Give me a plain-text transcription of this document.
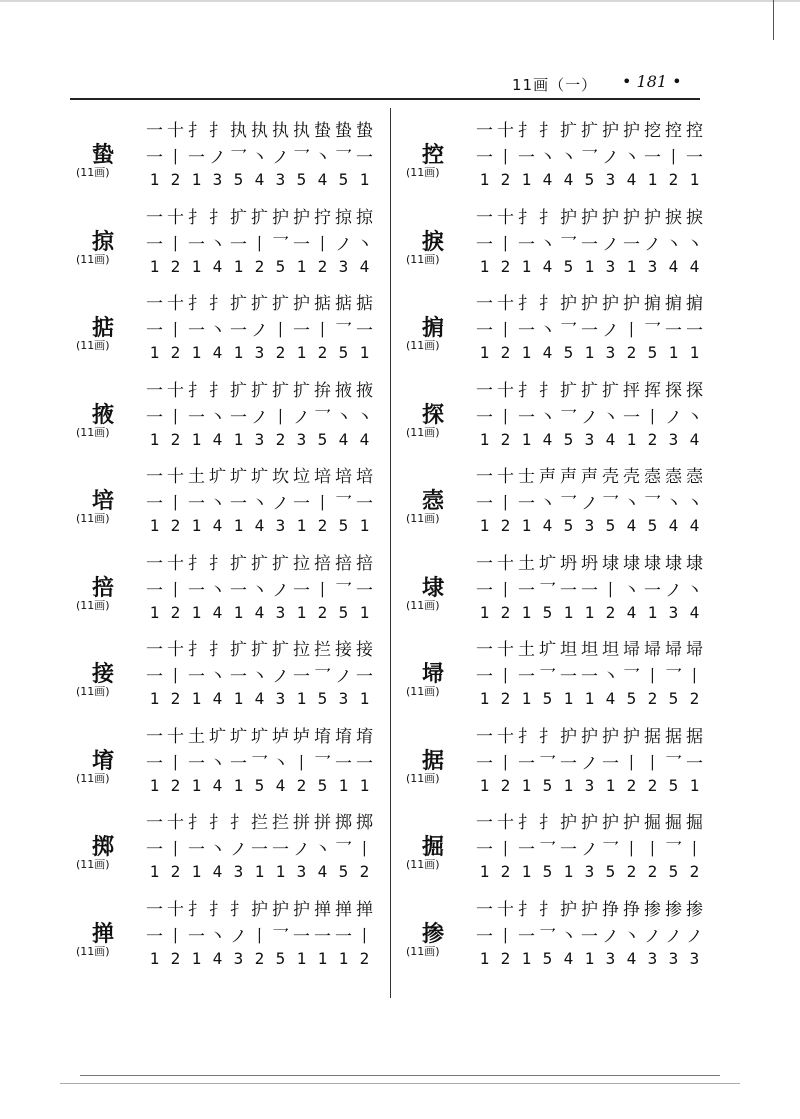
11画（一） • 181 •
蛰
(11画)
一 十 扌 扌 执 执 执 执 蛰 蛰 蛰
一 丨 一 ノ 乛 丶 ノ 乛 丶 乛 一
1 2 1 3 5 4 3 5 4 5 1
掠
(11画)
一 十 扌 扌 扩 扩 护 护 拧 掠 掠
一 丨 一 丶 一 丨 乛 一 丨 ノ 丶
1 2 1 4 1 2 5 1 2 3 4
掂
(11画)
一 十 扌 扌 扩 扩 扩 护 掂 掂 掂
一 丨 一 丶 一 ノ 丨 一 丨 乛 一
1 2 1 4 1 3 2 1 2 5 1
掖
(11画)
一 十 扌 扌 扩 扩 扩 扩 拚 掖 掖
一 丨 一 丶 一 ノ 丨 ノ 乛 丶 丶
1 2 1 4 1 3 2 3 5 4 4
培
(11画)
一 十 土 圹 圹 圹 坎 垃 培 培 培
一 丨 一 丶 一 丶 ノ 一 丨 乛 一
1 2 1 4 1 4 3 1 2 5 1
掊
(11画)
一 十 扌 扌 扩 扩 扩 拉 掊 掊 掊
一 丨 一 丶 一 丶 ノ 一 丨 乛 一
1 2 1 4 1 4 3 1 2 5 1
接
(11画)
一 十 扌 扌 扩 扩 扩 拉 拦 接 接
一 丨 一 丶 一 丶 ノ 一 乛 ノ 一
1 2 1 4 1 4 3 1 5 3 1
堉
(11画)
一 十 土 圹 圹 圹 垆 垆 堉 堉 堉
一 丨 一 丶 一 乛 丶 丨 乛 一 一
1 2 1 4 1 5 4 2 5 1 1
掷
(11画)
一 十 扌 扌 扌 拦 拦 拼 拼 掷 掷
一 丨 一 丶 ノ 一 一 ノ 丶 乛 丨
1 2 1 4 3 1 1 3 4 5 2
掸
(11画)
一 十 扌 扌 扌 护 护 护 掸 掸 掸
一 丨 一 丶 ノ 丨 乛 一 一 一 丨
1 2 1 4 3 2 5 1 1 1 2
控
(11画)
一 十 扌 扌 扩 扩 护 护 挖 控 控
一 丨 一 丶 丶 乛 ノ 丶 一 丨 一
1 2 1 4 4 5 3 4 1 2 1
捩
(11画)
一 十 扌 扌 护 护 护 护 护 捩 捩
一 丨 一 丶 乛 一 ノ 一 ノ 丶 丶
1 2 1 4 5 1 3 1 3 4 4
掮
(11画)
一 十 扌 扌 护 护 护 护 掮 掮 掮
一 丨 一 丶 乛 一 ノ 丨 乛 一 一
1 2 1 4 5 1 3 2 5 1 1
探
(11画)
一 十 扌 扌 扩 扩 扩 抨 挥 探 探
一 丨 一 丶 乛 ノ 丶 一 丨 ノ 丶
1 2 1 4 5 3 4 1 2 3 4
悫
(11画)
一 十 士 声 声 声 壳 壳 悫 悫 悫
一 丨 一 丶 乛 ノ 乛 丶 乛 丶 丶
1 2 1 4 5 3 5 4 5 4 4
埭
(11画)
一 十 土 圹 坍 坍 埭 埭 埭 埭 埭
一 丨 一 乛 一 一 丨 丶 一 ノ 丶
1 2 1 5 1 1 2 4 1 3 4
埽
(11画)
一 十 土 圹 坦 坦 坦 埽 埽 埽 埽
一 丨 一 乛 一 一 丶 乛 丨 乛 丨
1 2 1 5 1 1 4 5 2 5 2
据
(11画)
一 十 扌 扌 护 护 护 护 据 据 据
一 丨 一 乛 一 ノ 一 丨 丨 乛 一
1 2 1 5 1 3 1 2 2 5 1
掘
(11画)
一 十 扌 扌 护 护 护 护 掘 掘 掘
一 丨 一 乛 一 ノ 乛 丨 丨 乛 丨
1 2 1 5 1 3 5 2 2 5 2
掺
(11画)
一 十 扌 扌 护 护 挣 挣 掺 掺 掺
一 丨 一 乛 丶 一 ノ 丶 ノ ノ ノ
1 2 1 5 4 1 3 4 3 3 3
